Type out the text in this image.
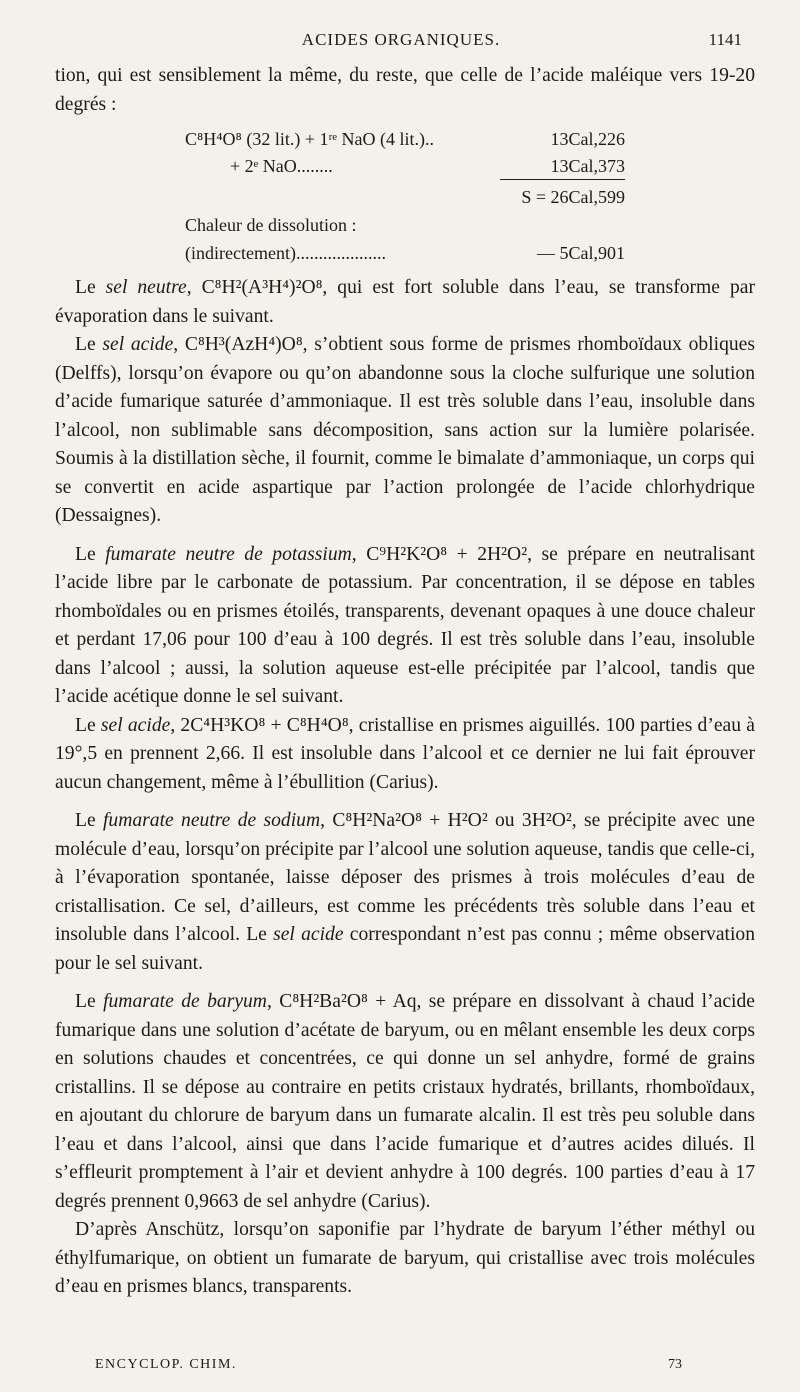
ACIDES ORGANIQUES.	1141

tion, qui est sensiblement la même, du reste, que celle de l’acide maléique vers 19-20 degrés :

C⁸H⁴O⁸ (32 lit.) + 1ʳᵉ NaO (4 lit.)..	13Cal,226
+ 2ᵉ NaO........	13Cal,373
S = 26Cal,599
Chaleur de dissolution :
(indirectement)....................	— 5Cal,901

Le sel neutre, C⁸H²(A³H⁴)²O⁸, qui est fort soluble dans l’eau, se transforme par évaporation dans le suivant.

Le sel acide, C⁸H³(AzH⁴)O⁸, s’obtient sous forme de prismes rhomboïdaux obliques (Delffs), lorsqu’on évapore ou qu’on abandonne sous la cloche sulfurique une solution d’acide fumarique saturée d’ammoniaque. Il est très soluble dans l’eau, insoluble dans l’alcool, non sublimable sans décomposition, sans action sur la lumière polarisée. Soumis à la distillation sèche, il fournit, comme le bimalate d’ammoniaque, un corps qui se convertit en acide aspartique par l’action prolongée de l’acide chlorhydrique (Dessaignes).

Le fumarate neutre de potassium, C⁹H²K²O⁸ + 2H²O², se prépare en neutralisant l’acide libre par le carbonate de potassium. Par concentration, il se dépose en tables rhomboïdales ou en prismes étoilés, transparents, devenant opaques à une douce chaleur et perdant 17,06 pour 100 d’eau à 100 degrés. Il est très soluble dans l’eau, insoluble dans l’alcool ; aussi, la solution aqueuse est-elle précipitée par l’alcool, tandis que l’acide acétique donne le sel suivant.

Le sel acide, 2C⁴H³KO⁸ + C⁸H⁴O⁸, cristallise en prismes aiguillés. 100 parties d’eau à 19°,5 en prennent 2,66. Il est insoluble dans l’alcool et ce dernier ne lui fait éprouver aucun changement, même à l’ébullition (Carius).

Le fumarate neutre de sodium, C⁸H²Na²O⁸ + H²O² ou 3H²O², se précipite avec une molécule d’eau, lorsqu’on précipite par l’alcool une solution aqueuse, tandis que celle-ci, à l’évaporation spontanée, laisse déposer des prismes à trois molécules d’eau de cristallisation. Ce sel, d’ailleurs, est comme les précédents très soluble dans l’eau et insoluble dans l’alcool. Le sel acide correspondant n’est pas connu ; même observation pour le sel suivant.

Le fumarate de baryum, C⁸H²Ba²O⁸ + Aq, se prépare en dissolvant à chaud l’acide fumarique dans une solution d’acétate de baryum, ou en mêlant ensemble les deux corps en solutions chaudes et concentrées, ce qui donne un sel anhydre, formé de grains cristallins. Il se dépose au contraire en petits cristaux hydratés, brillants, rhomboïdaux, en ajoutant du chlorure de baryum dans un fumarate alcalin. Il est très peu soluble dans l’eau et dans l’alcool, ainsi que dans l’acide fumarique et d’autres acides dilués. Il s’effleurit promptement à l’air et devient anhydre à 100 degrés. 100 parties d’eau à 17 degrés prennent 0,9663 de sel anhydre (Carius).

D’après Anschütz, lorsqu’on saponifie par l’hydrate de baryum l’éther méthyl ou éthylfumarique, on obtient un fumarate de baryum, qui cristallise avec trois molécules d’eau en prismes blancs, transparents.

ENCYCLOP. CHIM.	73
